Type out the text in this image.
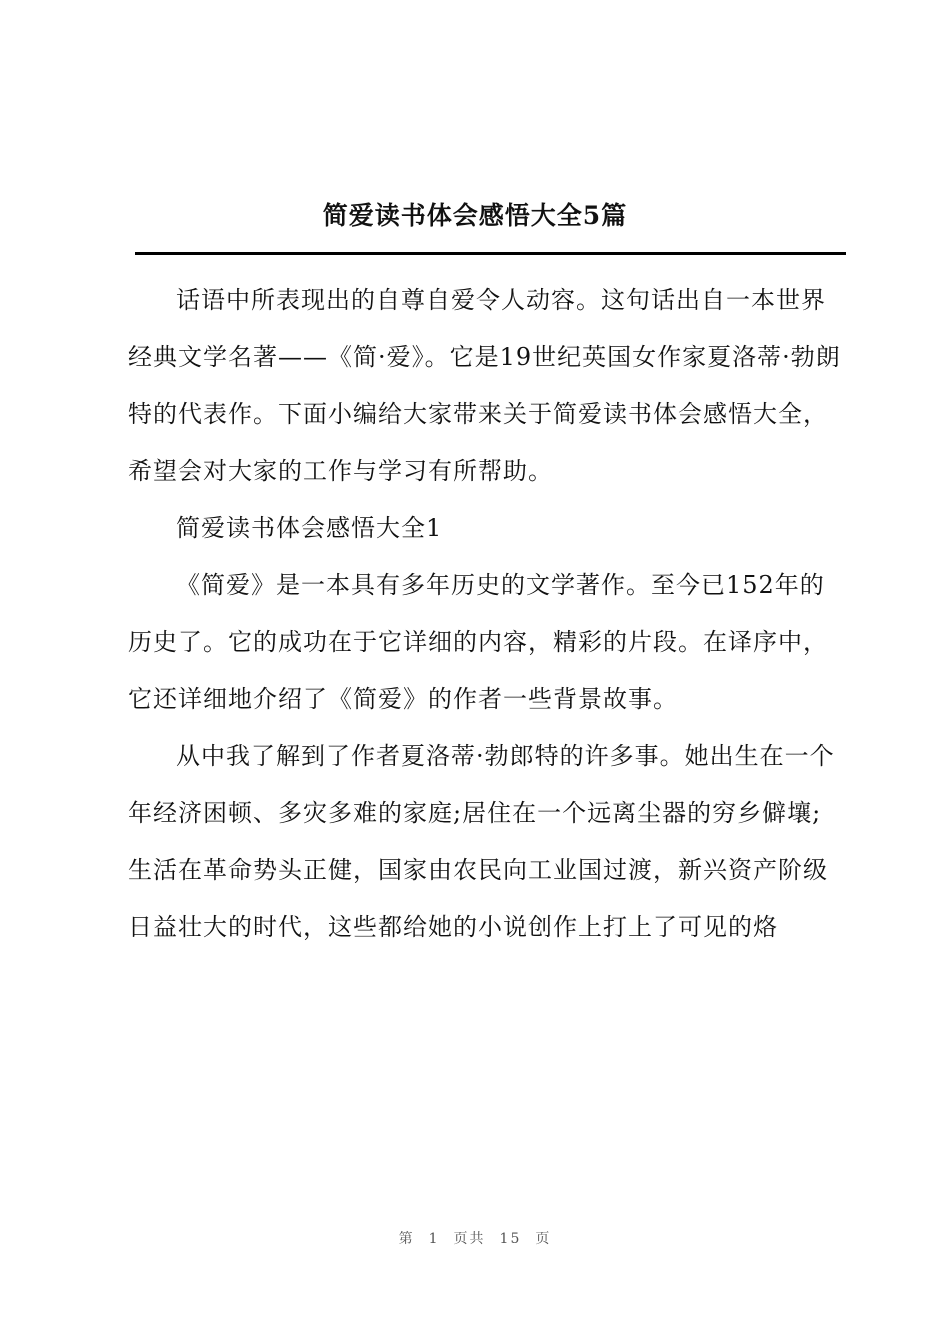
简爱读书体会感悟大全5篇

话语中所表现出的自尊自爱令人动容。这句话出自一本世界经典文学名著——《简·爱》。它是19世纪英国女作家夏洛蒂·勃朗特的代表作。下面小编给大家带来关于简爱读书体会感悟大全，希望会对大家的工作与学习有所帮助。

简爱读书体会感悟大全1

《简爱》是一本具有多年历史的文学著作。至今已152年的历史了。它的成功在于它详细的内容，精彩的片段。在译序中，它还详细地介绍了《简爱》的作者一些背景故事。

从中我了解到了作者夏洛蒂·勃郎特的许多事。她出生在一个年经济困顿、多灾多难的家庭;居住在一个远离尘器的穷乡僻壤;生活在革命势头正健，国家由农民向工业国过渡，新兴资产阶级日益壮大的时代，这些都给她的小说创作上打上了可见的烙

第 1 页共 15 页
